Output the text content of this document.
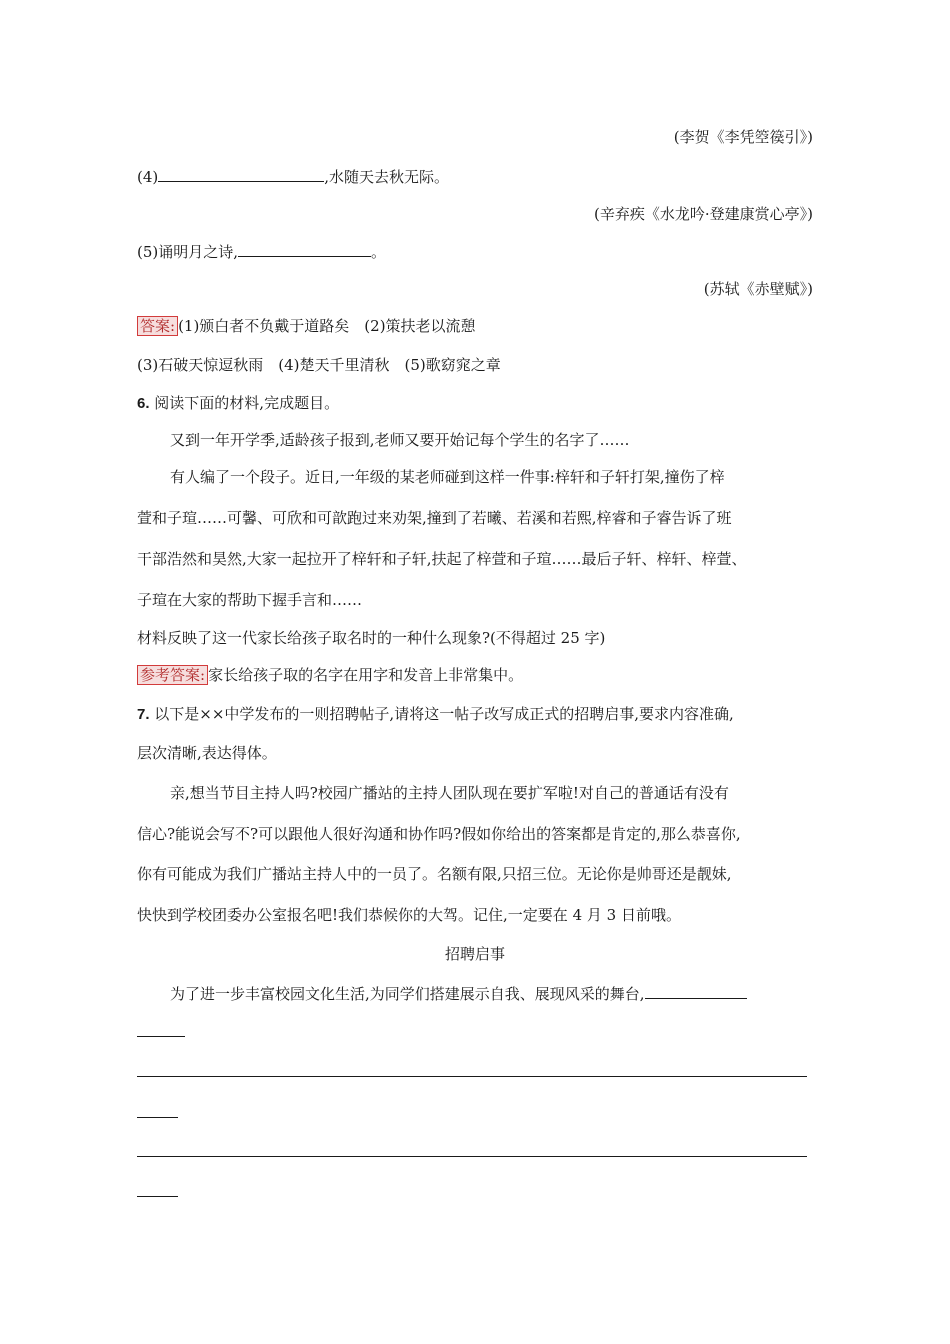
(李贺《李凭箜篌引》)
(4)	,水随天去秋无际。
(辛弃疾《水龙吟·登建康赏心亭》)
(5)诵明月之诗,	。
(苏轼《赤壁赋》)
答案: (1)颁白者不负戴于道路矣　(2)策扶老以流憩
(3)石破天惊逗秋雨　(4)楚天千里清秋　(5)歌窈窕之章
6. 阅读下面的材料,完成题目。
又到一年开学季,适龄孩子报到,老师又要开始记每个学生的名字了……
有人编了一个段子。近日,一年级的某老师碰到这样一件事:梓轩和子轩打架,撞伤了梓
萱和子瑄……可馨、可欣和可歆跑过来劝架,撞到了若曦、若溪和若熙,梓睿和子睿告诉了班
干部浩然和昊然,大家一起拉开了梓轩和子轩,扶起了梓萱和子瑄……最后子轩、梓轩、梓萱、
子瑄在大家的帮助下握手言和……
材料反映了这一代家长给孩子取名时的一种什么现象?(不得超过 25 字)
参考答案: 家长给孩子取的名字在用字和发音上非常集中。
7. 以下是××中学发布的一则招聘帖子,请将这一帖子改写成正式的招聘启事,要求内容准确,
层次清晰,表达得体。
亲,想当节目主持人吗?校园广播站的主持人团队现在要扩军啦!对自己的普通话有没有
信心?能说会写不?可以跟他人很好沟通和协作吗?假如你给出的答案都是肯定的,那么恭喜你,
你有可能成为我们广播站主持人中的一员了。名额有限,只招三位。无论你是帅哥还是靓妹,
快快到学校团委办公室报名吧!我们恭候你的大驾。记住,一定要在 4 月 3 日前哦。
招聘启事
为了进一步丰富校园文化生活,为同学们搭建展示自我、展现风采的舞台,
